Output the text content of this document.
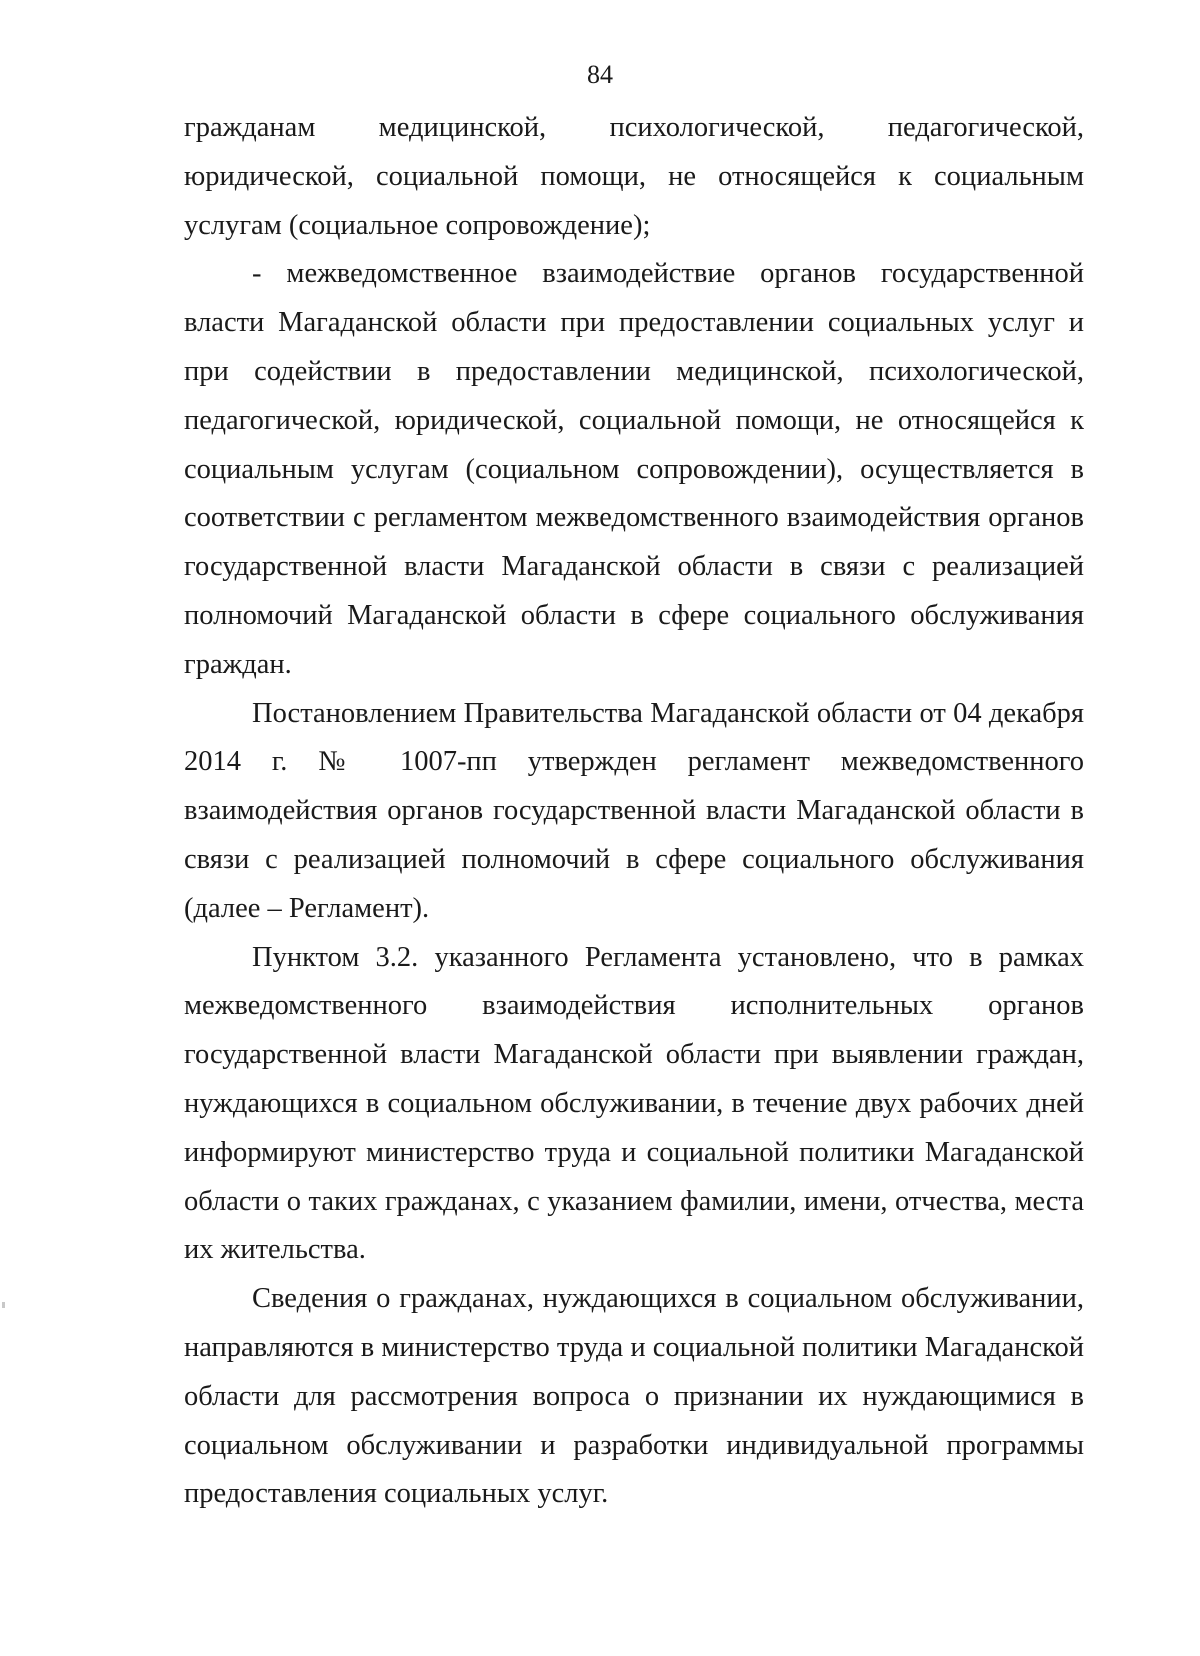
84

гражданам медицинской, психологической, педагогической, юридической, социальной помощи, не относящейся к социальным услугам (социальное сопровождение);

- межведомственное взаимодействие органов государственной власти Магаданской области при предоставлении социальных услуг и при содействии в предоставлении медицинской, психологической, педагогической, юридической, социальной помощи, не относящейся к социальным услугам (социальном сопровождении), осуществляется в соответствии с регламентом межведомственного взаимодействия органов государственной власти Магаданской области в связи с реализацией полномочий Магаданской области в сфере социального обслуживания граждан.

Постановлением Правительства Магаданской области от 04 декабря 2014 г. № 1007-пп утвержден регламент межведомственного взаимодействия органов государственной власти Магаданской области в связи с реализацией полномочий в сфере социального обслуживания (далее – Регламент).

Пунктом 3.2. указанного Регламента установлено, что в рамках межведомственного взаимодействия исполнительных органов государственной власти Магаданской области при выявлении граждан, нуждающихся в социальном обслуживании, в течение двух рабочих дней информируют министерство труда и социальной политики Магаданской области о таких гражданах, с указанием фамилии, имени, отчества, места их жительства.

Сведения о гражданах, нуждающихся в социальном обслуживании, направляются в министерство труда и социальной политики Магаданской области для рассмотрения вопроса о признании их нуждающимися в социальном обслуживании и разработки индивидуальной программы предоставления социальных услуг.
